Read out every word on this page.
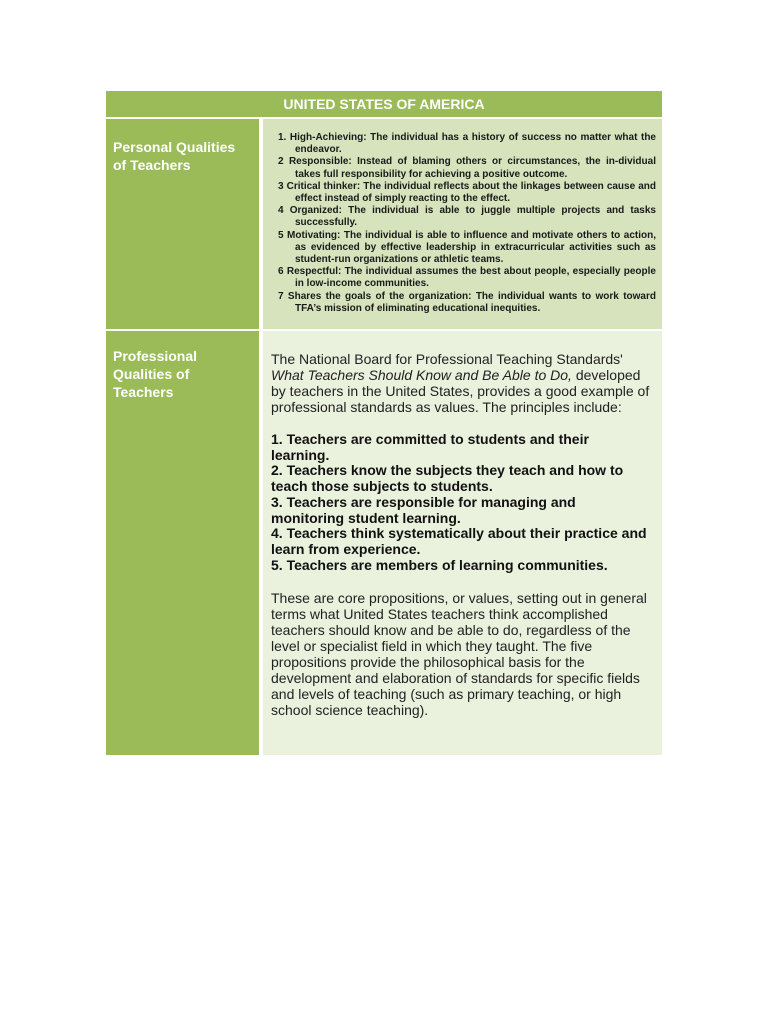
UNITED STATES OF AMERICA
Personal Qualities of Teachers
1. High-Achieving: The individual has a history of success no matter what the endeavor.
2 Responsible: Instead of blaming others or circumstances, the in-dividual takes full responsibility for achieving a positive outcome.
3 Critical thinker: The individual reflects about the linkages between cause and effect instead of simply reacting to the effect.
4 Organized: The individual is able to juggle multiple projects and tasks successfully.
5 Motivating: The individual is able to influence and motivate others to action, as evidenced by effective leadership in extracurricular activities such as student-run organizations or athletic teams.
6 Respectful: The individual assumes the best about people, especially people in low-income communities.
7 Shares the goals of the organization: The individual wants to work toward TFA’s mission of eliminating educational inequities.
Professional Qualities of Teachers

The National Board for Professional Teaching Standards' What Teachers Should Know and Be Able to Do, developed by teachers in the United States, provides a good example of professional standards as values. The principles include:

1. Teachers are committed to students and their learning.
2. Teachers know the subjects they teach and how to teach those subjects to students.
3. Teachers are responsible for managing and monitoring student learning.
4. Teachers think systematically about their practice and learn from experience.
5. Teachers are members of learning communities.

These are core propositions, or values, setting out in general terms what United States teachers think accomplished teachers should know and be able to do, regardless of the level or specialist field in which they taught. The five propositions provide the philosophical basis for the development and elaboration of standards for specific fields and levels of teaching (such as primary teaching, or high school science teaching).
